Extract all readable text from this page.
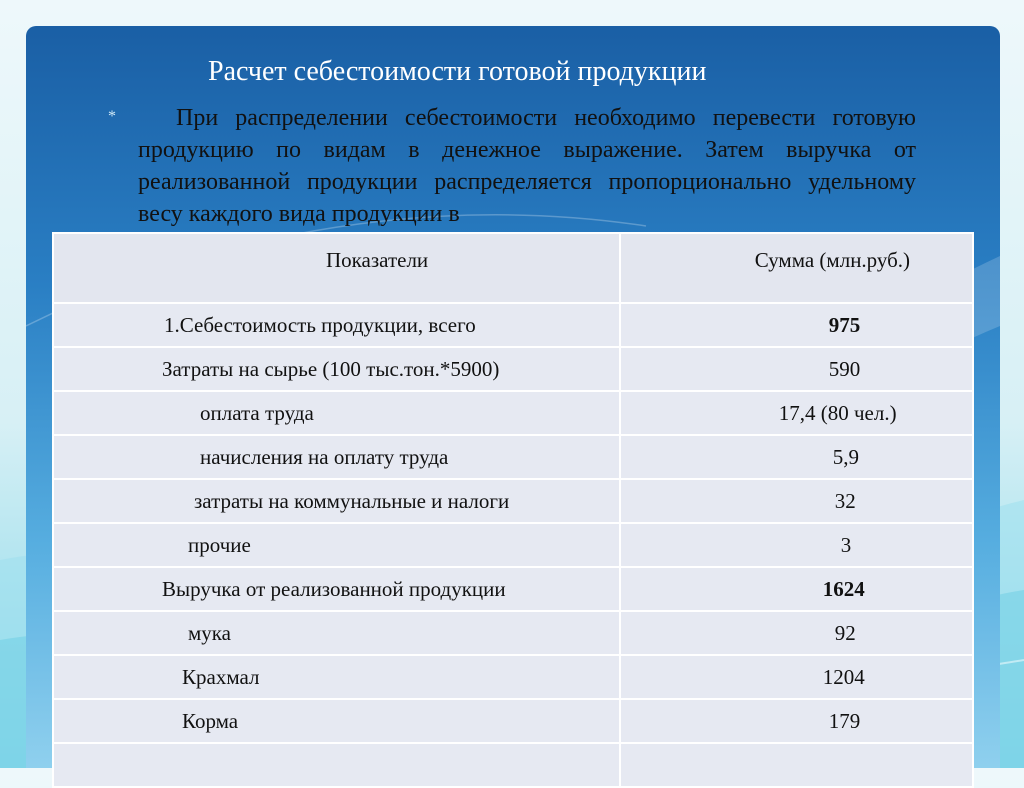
Расчет себестоимости готовой продукции
*	При распределении себестоимости необходимо перевести готовую продукцию по видам в денежное выражение. Затем выручка от реализованной продукции распределяется пропорционально удельному весу каждого вида продукции в
Показатели	Сумма (млн.руб.)
1.Себестоимость продукции, всего	975
Затраты на сырье (100 тыс.тон.*5900)	590
оплата труда	17,4 (80 чел.)
начисления на оплату труда	5,9
затраты на коммунальные и налоги	32
прочие	3
Выручка от реализованной продукции	1624
мука	92
Крахмал	1204
Корма	179
